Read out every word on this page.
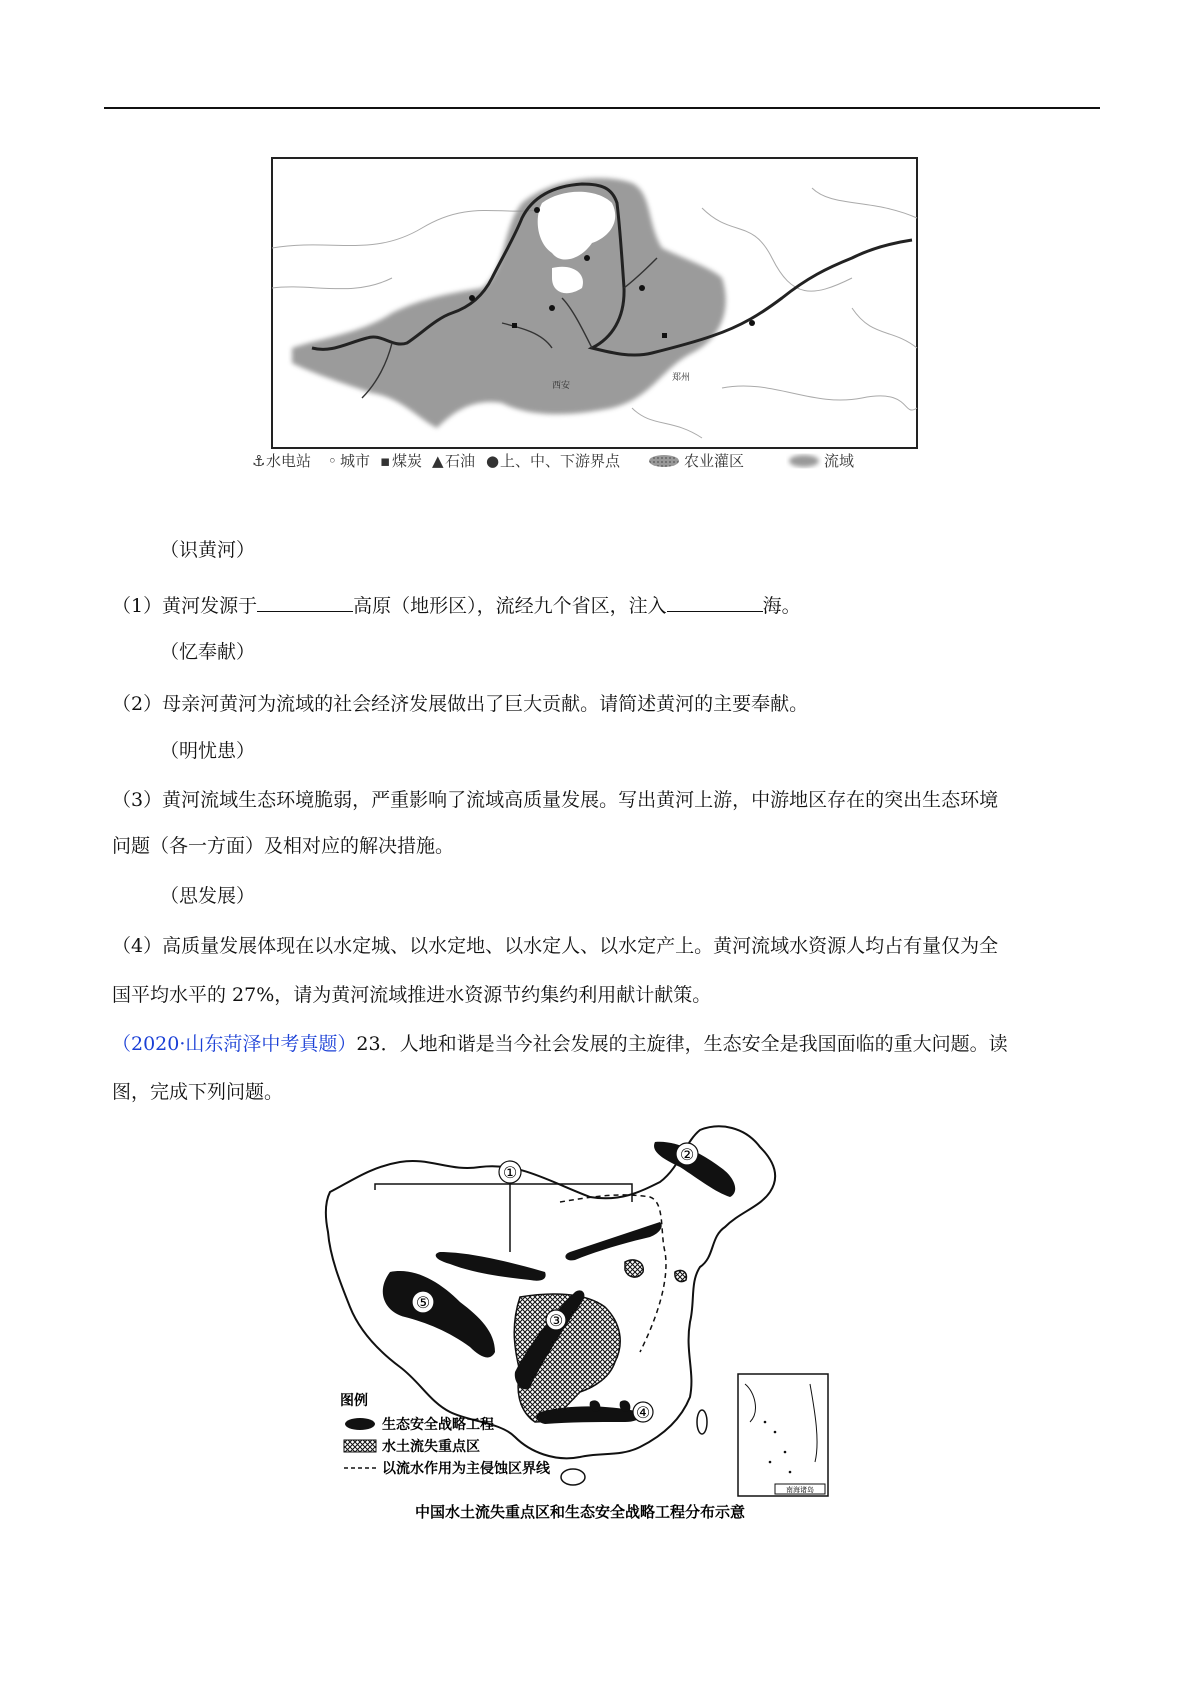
郑州
西安
⚓ 水电站 ◦ 城市 ▪ 煤炭 ▲ 石油 ● 上、中、下游界点	农业灌区	流域
（识黄河）
（1）黄河发源于	高原（地形区），流经九个省区，注入	海。
（忆奉献）
（2）母亲河黄河为流域的社会经济发展做出了巨大贡献。请简述黄河的主要奉献。
（明忧患）
（3）黄河流域生态环境脆弱，严重影响了流域高质量发展。写出黄河上游，中游地区存在的突出生态环境
问题（各一方面）及相对应的解决措施。
（思发展）
（4）高质量发展体现在以水定城、以水定地、以水定人、以水定产上。黄河流域水资源人均占有量仅为全
国平均水平的 27%，请为黄河流域推进水资源节约集约利用献计献策。
（2020·山东菏泽中考真题）23．人地和谐是当今社会发展的主旋律，生态安全是我国面临的重大问题。读
图，完成下列问题。
①
②
③
④
⑤
南海诸岛
图例
生态安全战略工程
水土流失重点区
以流水作用为主侵蚀区界线
中国水土流失重点区和生态安全战略工程分布示意
